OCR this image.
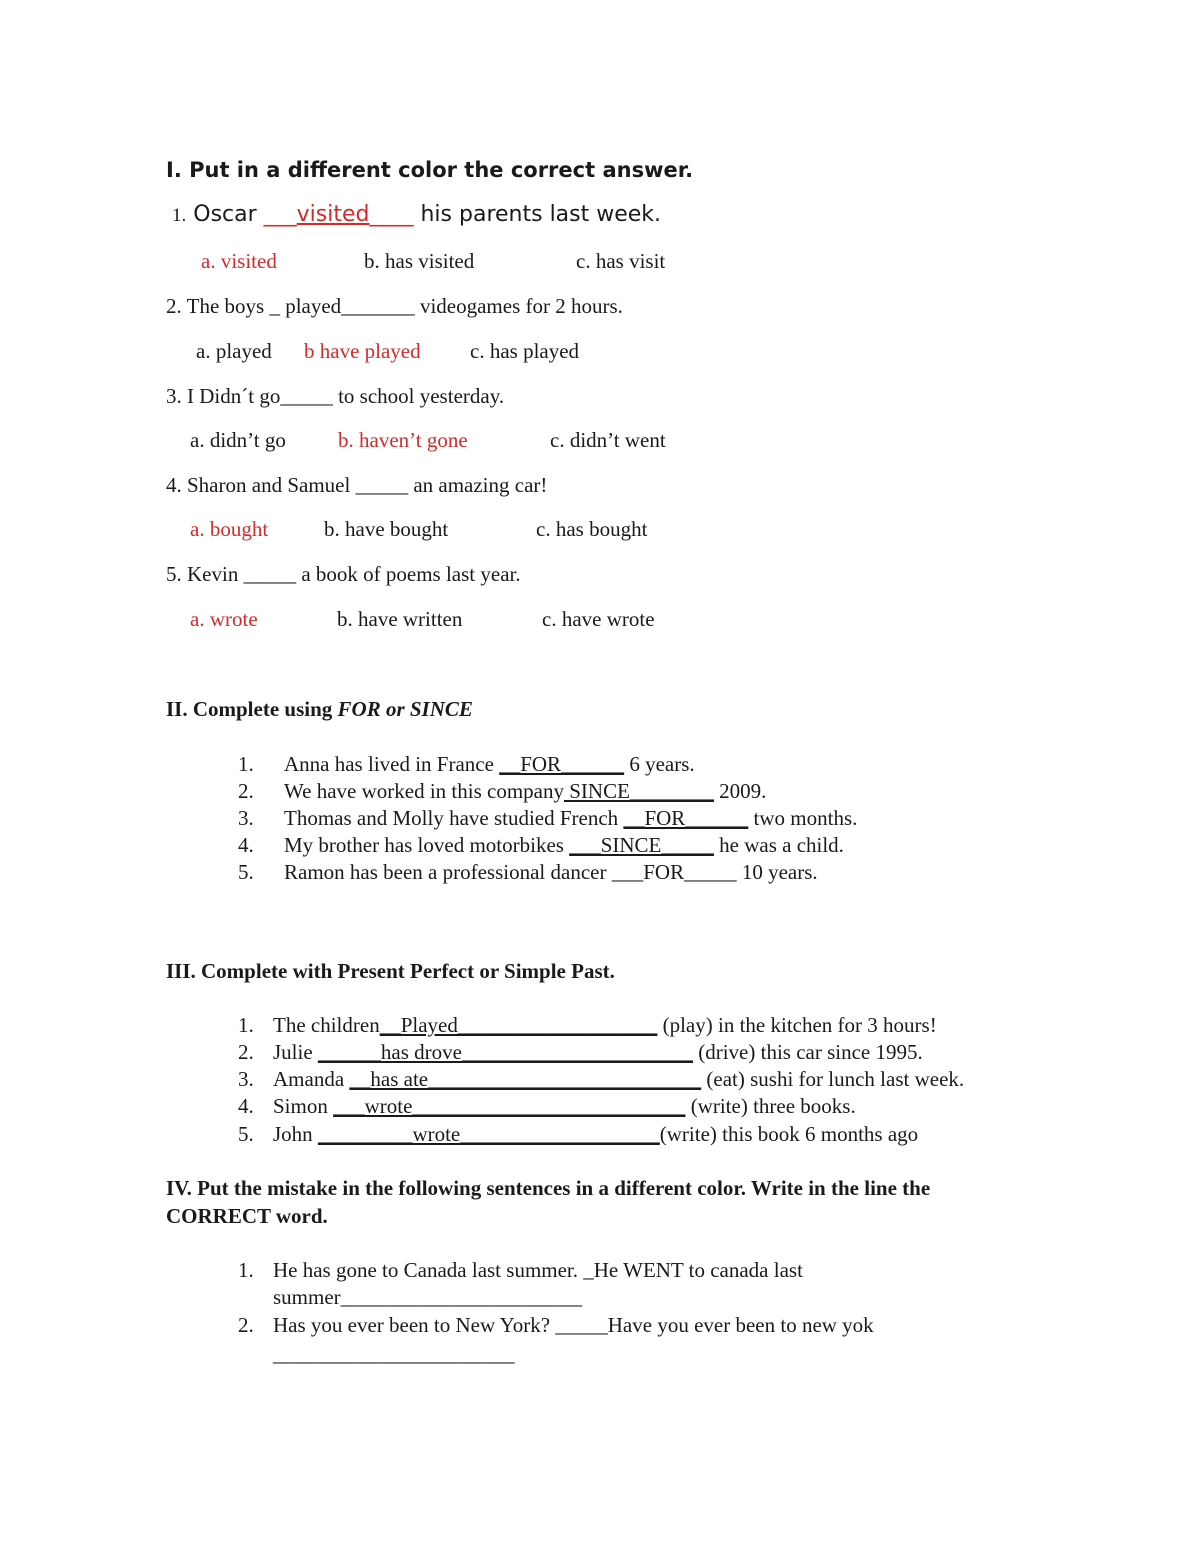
I. Put in a different color the correct answer.
1. Oscar ___visited____ his parents last week.
a. visited	b. has visited	c. has visit
2. The boys _ played_______ videogames for 2 hours.
a. played b have played c. has played
3. I Didn´t go_____ to school yesterday.
a. didn’t go b. haven’t gone	c. didn’t went
4. Sharon and Samuel _____ an amazing car!
a. bought	b. have bought	c. has bought
5. Kevin _____ a book of poems last year.
a. wrote	b. have written	c. have wrote
II. Complete using FOR or SINCE
1. Anna has lived in France __FOR______ 6 years.
2. We have worked in this company SINCE________ 2009.
3. Thomas and Molly have studied French __FOR______ two months.
4. My brother has loved motorbikes ___SINCE_____ he was a child.
5. Ramon has been a professional dancer ___FOR_____ 10 years.
III. Complete with Present Perfect or Simple Past.
1. The children__Played___________________ (play) in the kitchen for 3 hours!
2. Julie ______has drove______________________ (drive) this car since 1995.
3. Amanda __has ate__________________________ (eat) sushi for lunch last week.
4. Simon ___wrote__________________________ (write) three books.
5. John _________wrote___________________(write) this book 6 months ago
IV. Put the mistake in the following sentences in a different color. Write in the line the
CORRECT word.
1. He has gone to Canada last summer. _He WENT to canada last
summer_______________________
2. Has you ever been to New York? _____Have you ever been to new yok
_______________________
